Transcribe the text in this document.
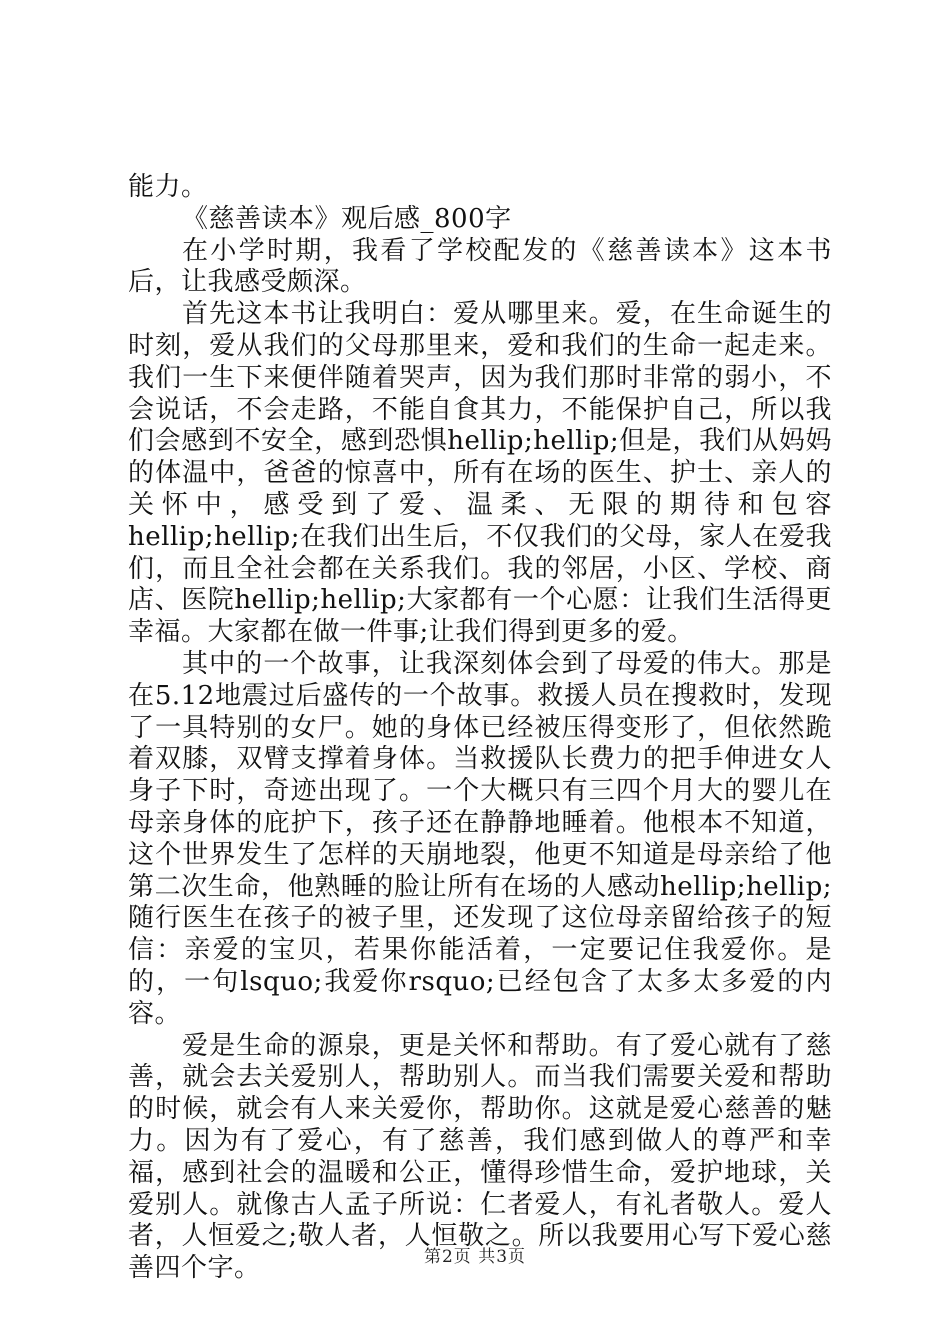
能力。

《慈善读本》观后感_800字

在小学时期，我看了学校配发的《慈善读本》这本书后，让我感受颇深。

首先这本书让我明白：爱从哪里来。爱，在生命诞生的时刻，爱从我们的父母那里来，爱和我们的生命一起走来。我们一生下来便伴随着哭声，因为我们那时非常的弱小，不会说话，不会走路，不能自食其力，不能保护自己，所以我们会感到不安全，感到恐惧hellip;hellip;但是，我们从妈妈的体温中，爸爸的惊喜中，所有在场的医生、护士、亲人的关怀中，感受到了爱、温柔、无限的期待和包容hellip;hellip;在我们出生后，不仅我们的父母，家人在爱我们，而且全社会都在关系我们。我的邻居，小区、学校、商店、医院hellip;hellip;大家都有一个心愿：让我们生活得更幸福。大家都在做一件事;让我们得到更多的爱。

其中的一个故事，让我深刻体会到了母爱的伟大。那是在5.12地震过后盛传的一个故事。救援人员在搜救时，发现了一具特别的女尸。她的身体已经被压得变形了，但依然跪着双膝，双臂支撑着身体。当救援队长费力的把手伸进女人身子下时，奇迹出现了。一个大概只有三四个月大的婴儿在母亲身体的庇护下，孩子还在静静地睡着。他根本不知道，这个世界发生了怎样的天崩地裂，他更不知道是母亲给了他第二次生命，他熟睡的脸让所有在场的人感动hellip;hellip;随行医生在孩子的被子里，还发现了这位母亲留给孩子的短信：亲爱的宝贝，若果你能活着，一定要记住我爱你。是的，一句lsquo;我爱你rsquo;已经包含了太多太多爱的内容。

爱是生命的源泉，更是关怀和帮助。有了爱心就有了慈善，就会去关爱别人，帮助别人。而当我们需要关爱和帮助的时候，就会有人来关爱你，帮助你。这就是爱心慈善的魅力。因为有了爱心，有了慈善，我们感到做人的尊严和幸福，感到社会的温暖和公正，懂得珍惜生命，爱护地球，关爱别人。就像古人孟子所说：仁者爱人，有礼者敬人。爱人者，人恒爱之;敬人者，人恒敬之。所以我要用心写下爱心慈善四个字。	第2页 共3页
